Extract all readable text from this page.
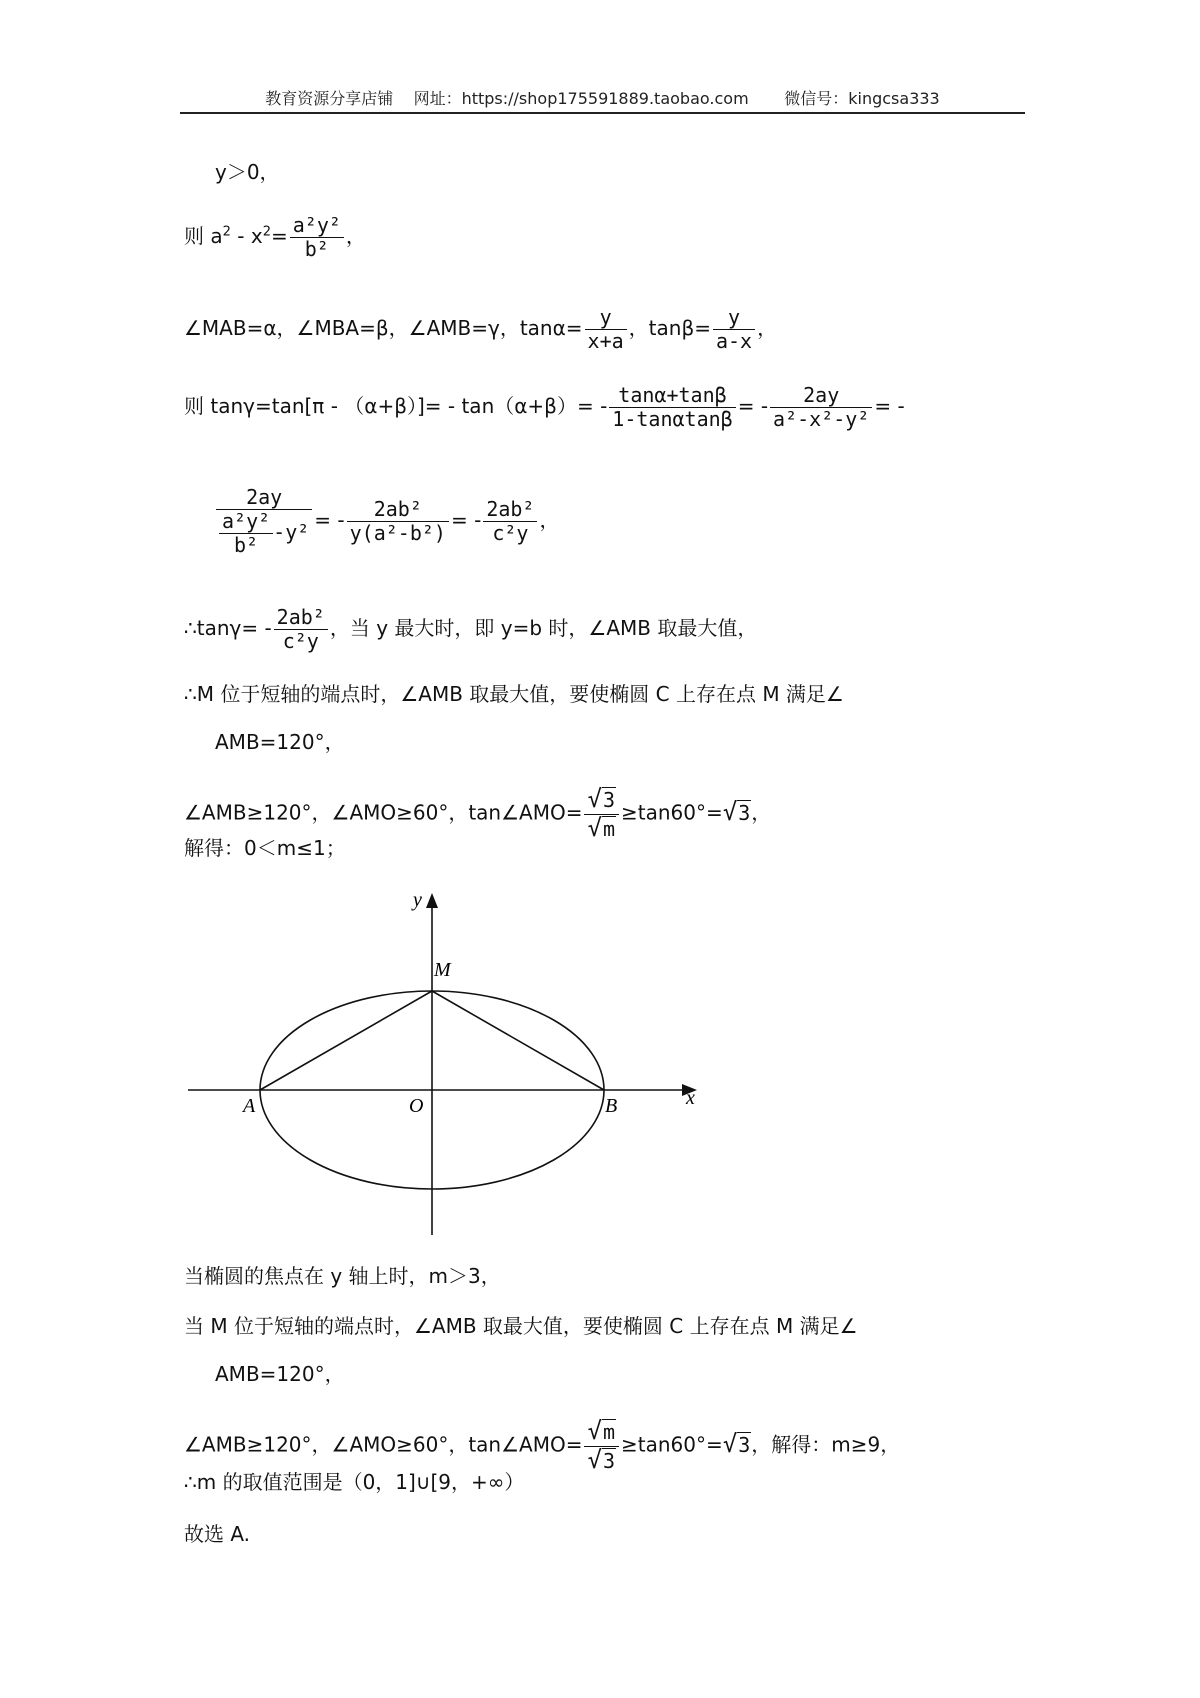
教育资源分享店铺    网址：https://shop175591889.taobao.com       微信号：kingcsa333
y＞0，
则 $a^2 - x^2= \frac{\text{a²y²}}{\text{b²}}$ ，
∠MAB=α，∠MBA=β，∠AMB=γ，$\tan\alpha= \frac{y}{x+a}$ ，$\tan\beta= \frac{y}{a-x}$ ，
则 $\tan\gamma=\tan[\pi - (\alpha+\beta)]= - \tan(\alpha+\beta)= - \frac{\tan\alpha+\tan\beta}{1-\tan\alpha\tan\beta}$ = - $\frac{2ay}{\text{a²-x²-y²}}$ = -
$\frac{2ay}{\frac{\text{a²y²}}{\text{b²}} -y^2}$ = - $\frac{\text{2ab²}}{\text{y(a²-b²)}}$ = - $\frac{\text{2ab²}}{\text{c²y}}$ ，
∴tanγ= - $\frac{\text{2ab²}}{\text{c²y}}$ ，当 y 最大时，即 y=b 时，∠AMB 取最大值，
∴M 位于短轴的端点时，∠AMB 取最大值，要使椭圆 C 上存在点 M 满足∠
AMB=120°，
∠AMB≥120°，∠AMO≥60°，tan∠AMO= $\frac{√3}{√m} \ge\tan 60^\circ=√3$，
解得：0＜m≤1；
y
x
M
A	O	B
当椭圆的焦点在 y 轴上时，m＞3，
当 M 位于短轴的端点时，∠AMB 取最大值，要使椭圆 C 上存在点 M 满足∠
AMB=120°，
∠AMB≥120°，∠AMO≥60°，tan∠AMO= $\frac{√m}{√3} \ge\tan 60^\circ=√3$，解得：m≥9，
∴m 的取值范围是（0，1]∪[9，+∞）
故选 A.
